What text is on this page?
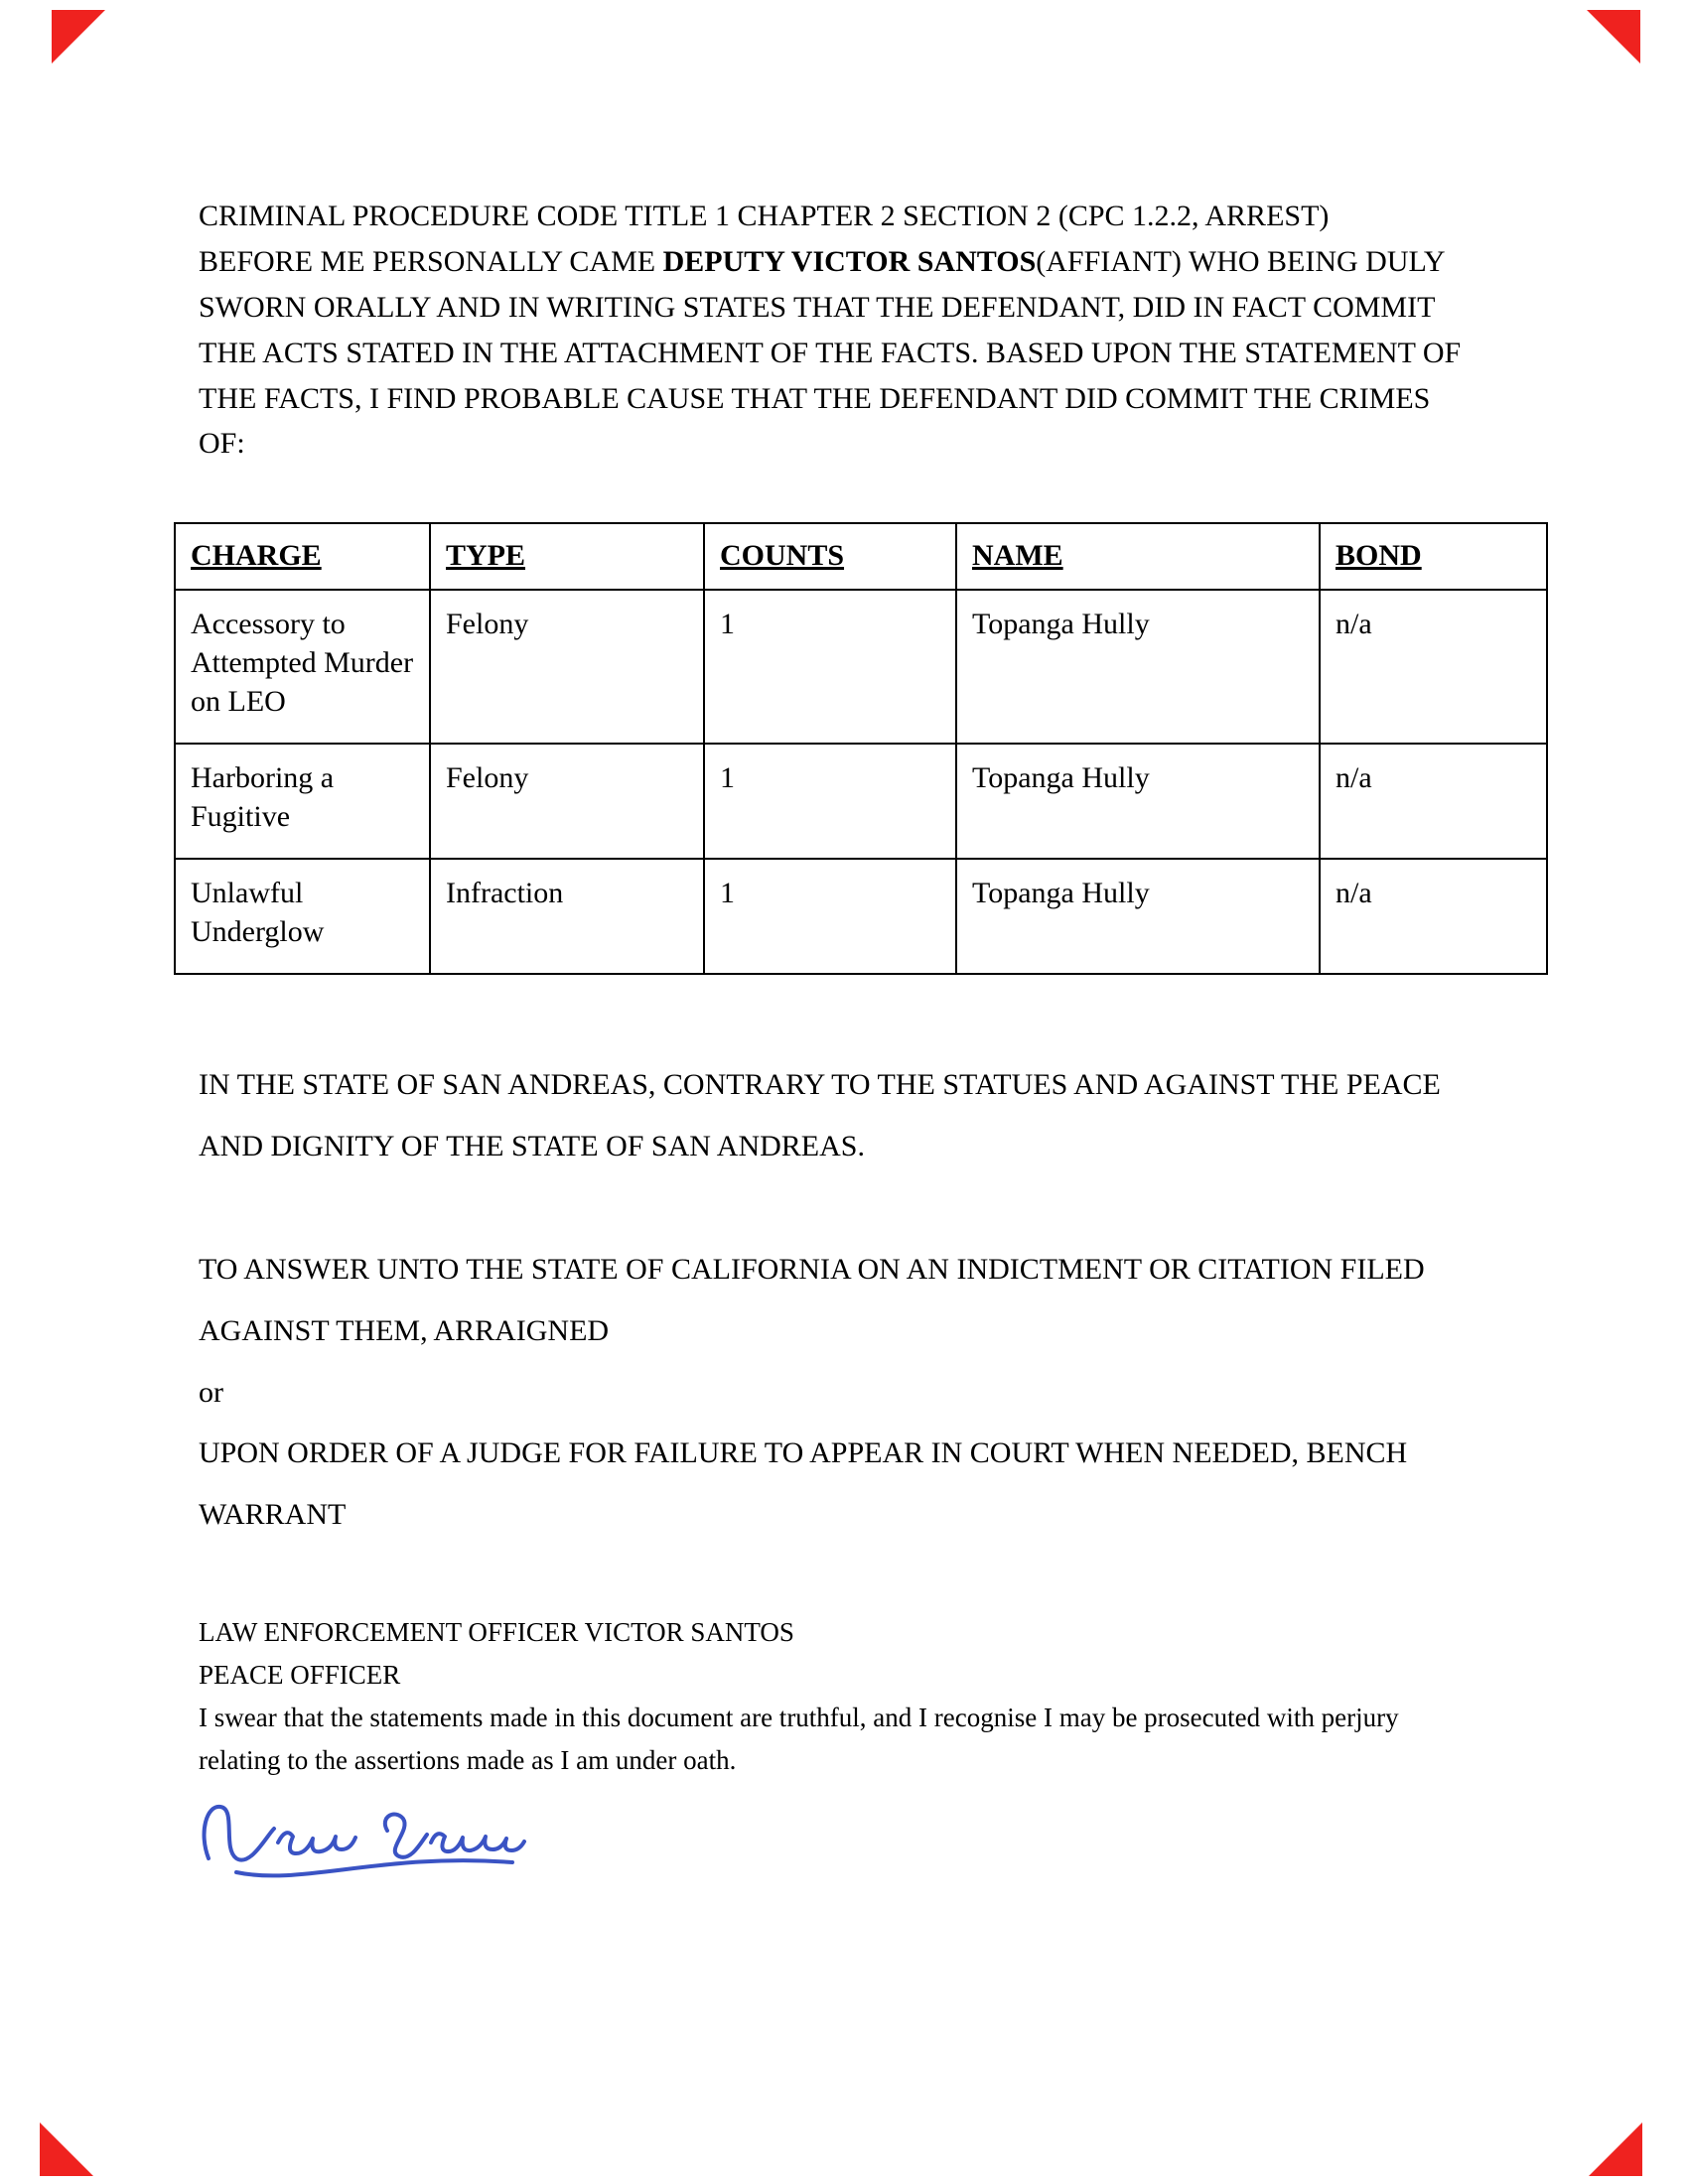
CRIMINAL PROCEDURE CODE TITLE 1 CHAPTER 2 SECTION 2 (CPC 1.2.2, ARREST)

BEFORE ME PERSONALLY CAME DEPUTY VICTOR SANTOS(AFFIANT) WHO BEING DULY SWORN ORALLY AND IN WRITING STATES THAT THE DEFENDANT, DID IN FACT COMMIT THE ACTS STATED IN THE ATTACHMENT OF THE FACTS. BASED UPON THE STATEMENT OF THE FACTS, I FIND PROBABLE CAUSE THAT THE DEFENDANT DID COMMIT THE CRIMES OF:

CHARGE	TYPE	COUNTS	NAME	BOND
Accessory to Attempted Murder on LEO	Felony	1	Topanga Hully	n/a
Harboring a Fugitive	Felony	1	Topanga Hully	n/a
Unlawful Underglow	Infraction	1	Topanga Hully	n/a

IN THE STATE OF SAN ANDREAS, CONTRARY TO THE STATUES AND AGAINST THE PEACE AND DIGNITY OF THE STATE OF SAN ANDREAS.

TO ANSWER UNTO THE STATE OF CALIFORNIA ON AN INDICTMENT OR CITATION FILED AGAINST THEM, ARRAIGNED

or

UPON ORDER OF A JUDGE FOR FAILURE TO APPEAR IN COURT WHEN NEEDED, BENCH WARRANT

LAW ENFORCEMENT OFFICER VICTOR SANTOS

PEACE OFFICER

I swear that the statements made in this document are truthful, and I recognise I may be prosecuted with perjury relating to the assertions made as I am under oath.
